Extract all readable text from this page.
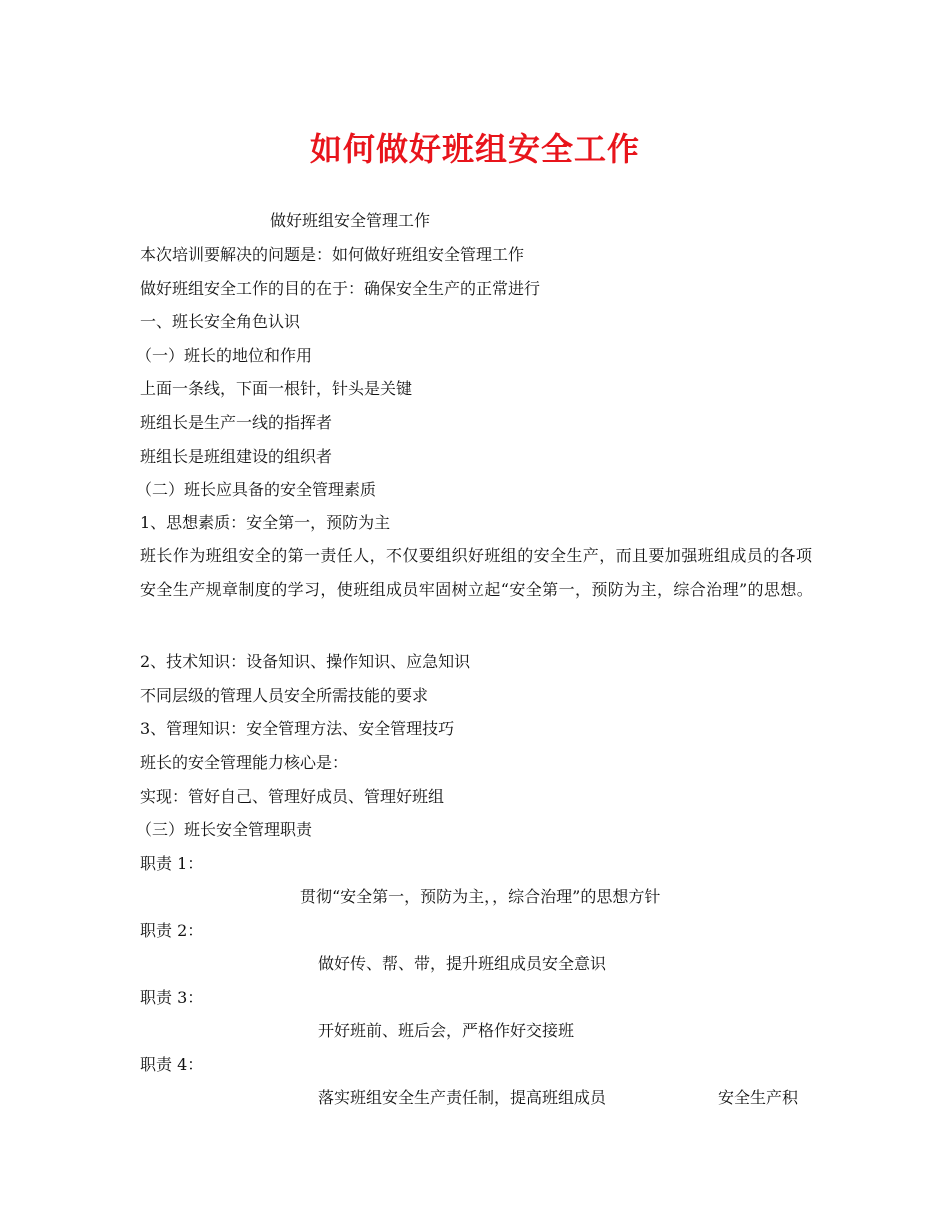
如何做好班组安全工作
做好班组安全管理工作
本次培训要解决的问题是：如何做好班组安全管理工作
做好班组安全工作的目的在于：确保安全生产的正常进行
一、班长安全角色认识
（一）班长的地位和作用
上面一条线，下面一根针，针头是关键
班组长是生产一线的指挥者
班组长是班组建设的组织者
（二）班长应具备的安全管理素质
1、思想素质：安全第一，预防为主
班长作为班组安全的第一责任人，不仅要组织好班组的安全生产，而且要加强班组成员的各项安全生产规章制度的学习，使班组成员牢固树立起“安全第一，预防为主，综合治理”的思想。
2、技术知识：设备知识、操作知识、应急知识
不同层级的管理人员安全所需技能的要求
3、管理知识：安全管理方法、安全管理技巧
班长的安全管理能力核心是：
实现：管好自己、管理好成员、管理好班组
（三）班长安全管理职责
职责 1：
贯彻“安全第一，预防为主，，综合治理”的思想方针
职责 2：
做好传、帮、带，提升班组成员安全意识
职责 3：
开好班前、班后会，严格作好交接班
职责 4：
落实班组安全生产责任制，提高班组成员	安全生产积
